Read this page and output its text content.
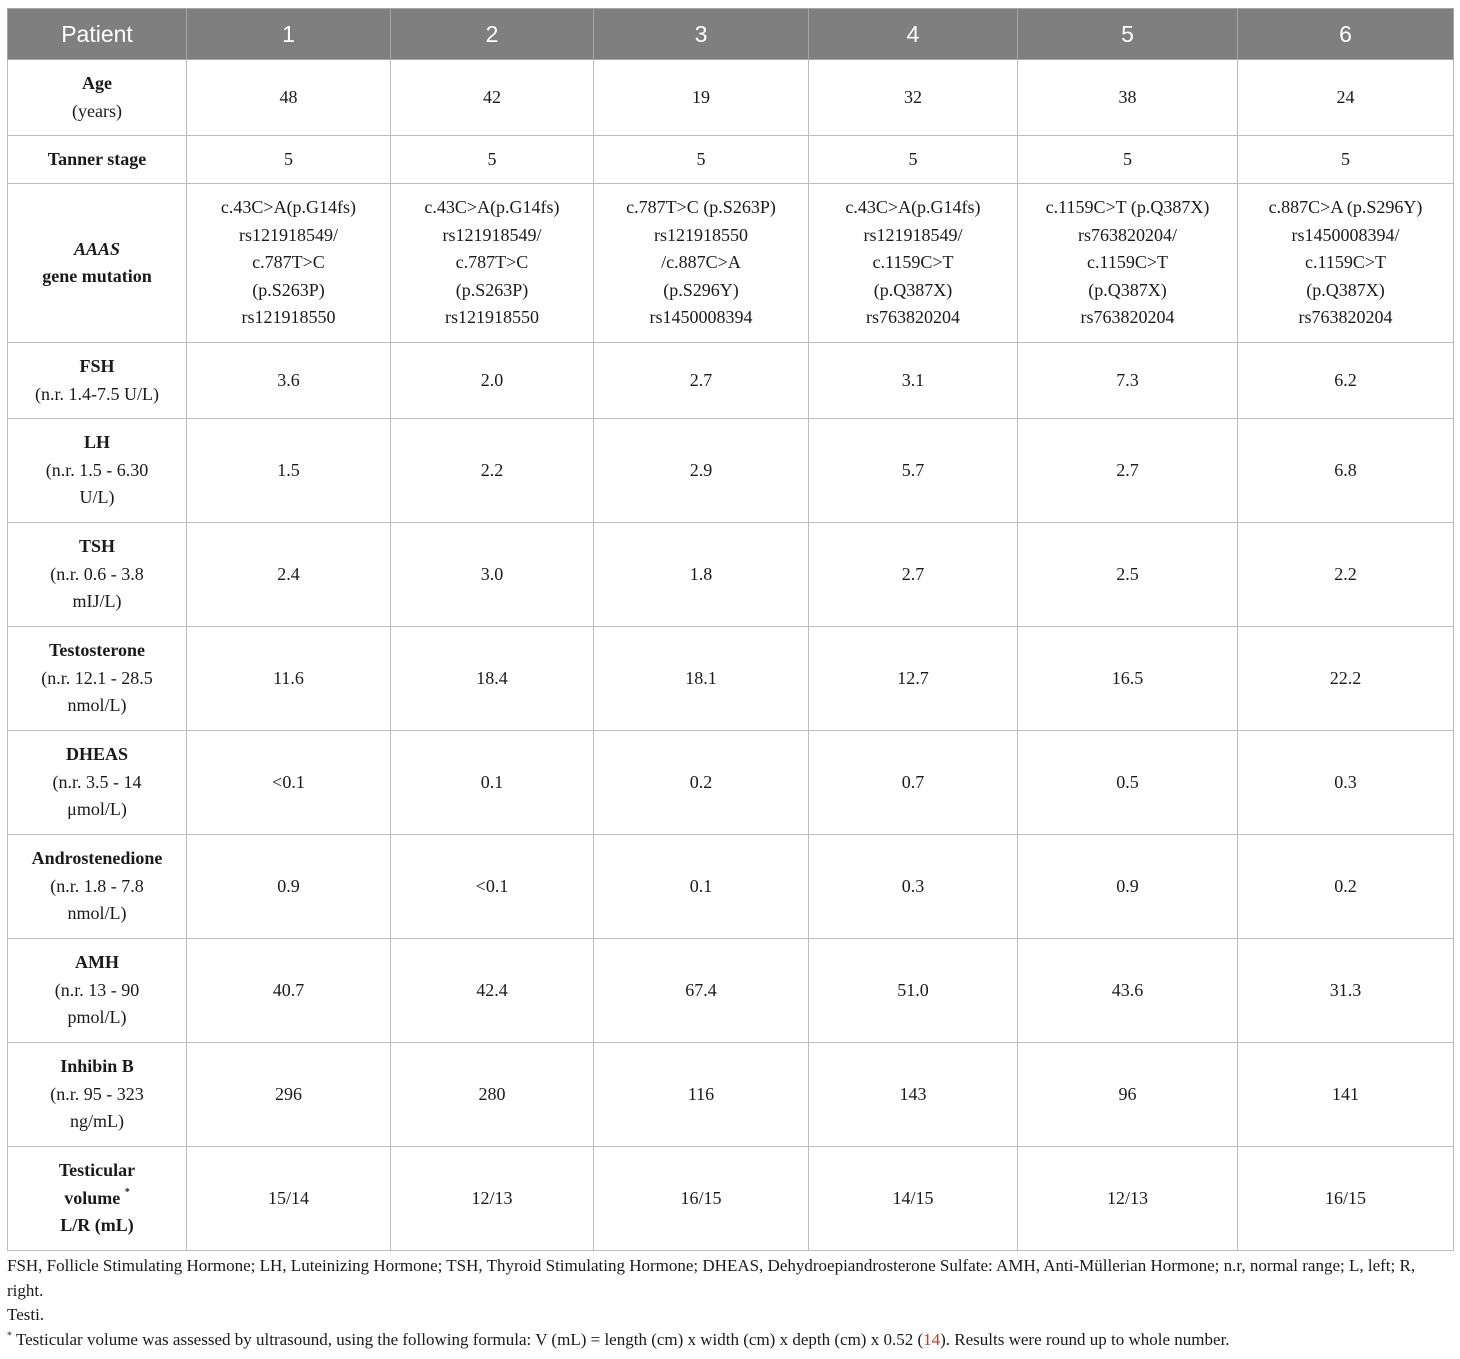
Patient	1	2	3	4	5	6

Age
(years)	48	42	19	32	38	24

Tanner stage	5	5	5	5	5	5

AAAS
gene mutation	c.43C>A(p.G14fs)
rs121918549/
c.787T>C
(p.S263P)
rs121918550	c.43C>A(p.G14fs)
rs121918549/
c.787T>C
(p.S263P)
rs121918550	c.787T>C (p.S263P)
rs121918550
/c.887C>A
(p.S296Y)
rs1450008394	c.43C>A(p.G14fs)
rs121918549/
c.1159C>T
(p.Q387X)
rs763820204	c.1159C>T (p.Q387X)
rs763820204/
c.1159C>T
(p.Q387X)
rs763820204	c.887C>A (p.S296Y)
rs1450008394/
c.1159C>T
(p.Q387X)
rs763820204

FSH
(n.r. 1.4-7.5 U/L)	3.6	2.0	2.7	3.1	7.3	6.2

LH
(n.r. 1.5 - 6.30
U/L)	1.5	2.2	2.9	5.7	2.7	6.8

TSH
(n.r. 0.6 - 3.8
mIJ/L)	2.4	3.0	1.8	2.7	2.5	2.2

Testosterone
(n.r. 12.1 - 28.5
nmol/L)	11.6	18.4	18.1	12.7	16.5	22.2

DHEAS
(n.r. 3.5 - 14
μmol/L)	<0.1	0.1	0.2	0.7	0.5	0.3

Androstenedione
(n.r. 1.8 - 7.8
nmol/L)	0.9	<0.1	0.1	0.3	0.9	0.2

AMH
(n.r. 13 - 90
pmol/L)	40.7	42.4	67.4	51.0	43.6	31.3

Inhibin B
(n.r. 95 - 323
ng/mL)	296	280	116	143	96	141

Testicular
volume *
L/R (mL)	15/14	12/13	16/15	14/15	12/13	16/15

FSH, Follicle Stimulating Hormone; LH, Luteinizing Hormone; TSH, Thyroid Stimulating Hormone; DHEAS, Dehydroepiandrosterone Sulfate: AMH, Anti-Müllerian Hormone; n.r, normal range; L, left; R, right.

Testi.

* Testicular volume was assessed by ultrasound, using the following formula: V (mL) = length (cm) x width (cm) x depth (cm) x 0.52 (14). Results were round up to whole number.
